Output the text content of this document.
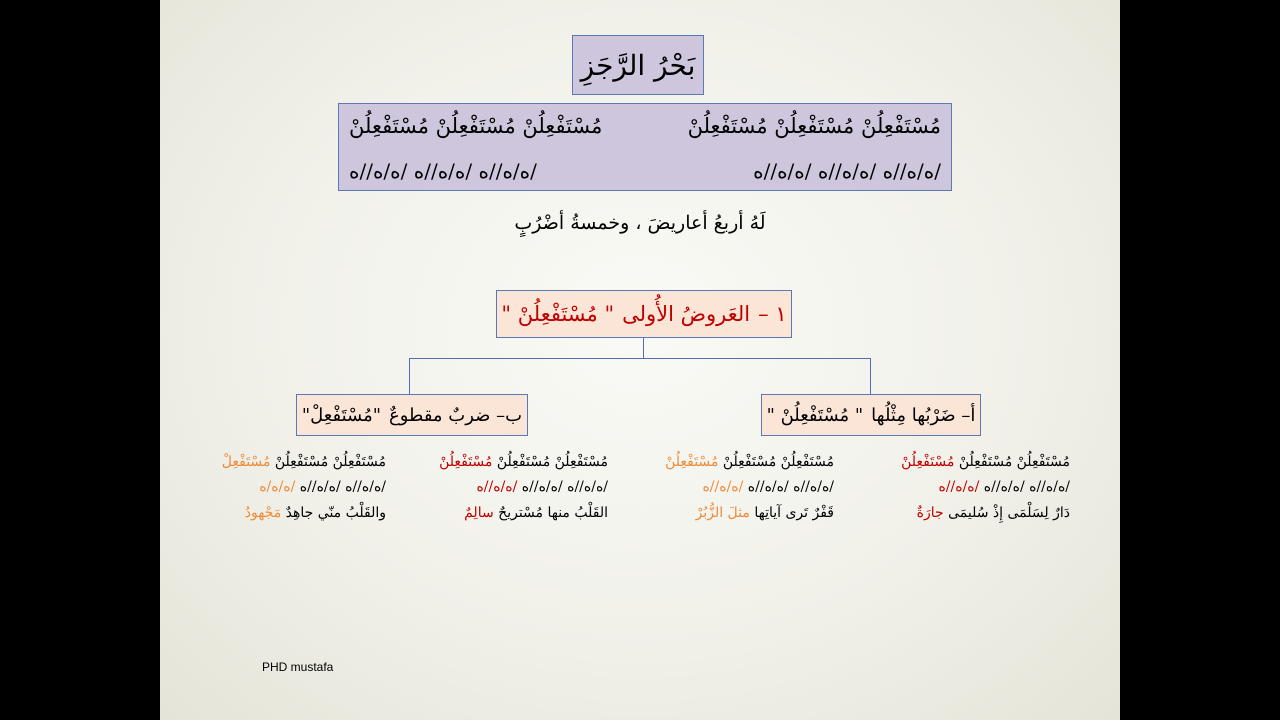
بَحْرُ الرَّجَزِ
مُسْتَفْعِلُنْ مُسْتَفْعِلُنْ مُسْتَفْعِلُنْ
مُسْتَفْعِلُنْ مُسْتَفْعِلُنْ مُسْتَفْعِلُنْ
/ه/ه//ه /ه/ه//ه /ه/ه//ه
/ه/ه//ه /ه/ه//ه /ه/ه//ه
لَهُ أربعُ أعاريضَ ، وخمسةُ أضْرُبٍ
١ –
العَروضُ الأُولى
" مُسْتَفْعِلُنْ "
أ– ضَرْبُها مِثْلُها
" مُسْتَفْعِلُنْ "
ب– ضربٌ مقطوعٌ
"مُسْتَفْعِلْ"
مُسْتَفْعِلُنْ مُسْتَفْعِلُنْ

مُسْتَفْعِلُنْ
/ه/ه//ه /ه/ه//ه

/ه/ه//ه
دَارٌ لِسَلْمَى إِذْ سُليمَى

جارَةٌ
مُسْتَفْعِلُنْ مُسْتَفْعِلُنْ

مُسْتَفْعِلُنْ
/ه/ه//ه /ه/ه//ه

/ه/ه//ه
قَفْرٌ تَرى آياتِها

مثلَ الزُّبُرْ
مُسْتَفْعِلُنْ مُسْتَفْعِلُنْ

مُسْتَفْعِلُنْ
/ه/ه//ه /ه/ه//ه

/ه/ه//ه
القَلْبُ منها مُسْتريحٌ

سالِمٌ
مُسْتَفْعِلُنْ مُسْتَفْعِلُنْ

مُسْتَفْعِلْ
/ه/ه//ه /ه/ه//ه

/ه/ه/ه
والقَلْبُ منّي جاهِدٌ

مَجْهودُ
PHD mustafa
